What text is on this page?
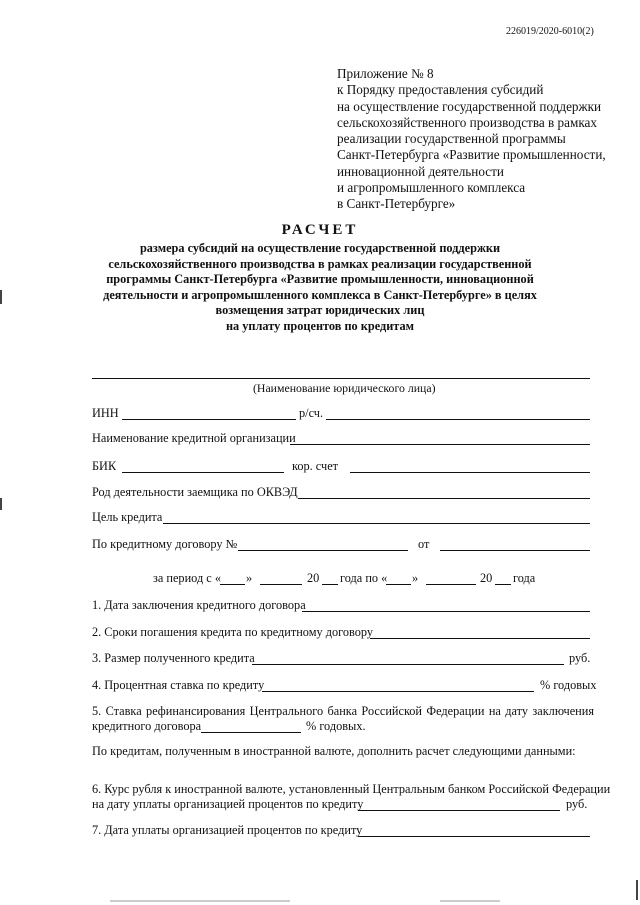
226019/2020-6010(2)
Приложение № 8
к Порядку предоставления субсидий
на осуществление государственной поддержки
сельскохозяйственного производства в рамках
реализации государственной программы
Санкт-Петербурга «Развитие промышленности,
инновационной деятельности
и агропромышленного комплекса
в Санкт-Петербурге»
РАСЧЕТ
размера субсидий на осуществление государственной поддержки
сельскохозяйственного производства в рамках реализации государственной
программы Санкт-Петербурга «Развитие промышленности, инновационной
деятельности и агропромышленного комплекса в Санкт-Петербурге» в целях
возмещения затрат юридических лиц
на уплату процентов по кредитам
(Наименование юридического лица)
ИНН	р/сч.
Наименование кредитной организации
БИК	кор. счет
Род деятельности заемщика по ОКВЭД
Цель кредита
По кредитному договору №	от
за период с « »	20 года по « »	20 года
1. Дата заключения кредитного договора
2. Сроки погашения кредита по кредитному договору
3. Размер полученного кредита	руб.
4. Процентная ставка по кредиту	% годовых
5. Ставка рефинансирования Центрального банка Российской Федерации на дату заключения
кредитного договора	% годовых.
По кредитам, полученным в иностранной валюте, дополнить расчет следующими данными:
6. Курс рубля к иностранной валюте, установленный Центральным банком Российской Федерации
на дату уплаты организацией процентов по кредиту	руб.
7. Дата уплаты организацией процентов по кредиту
